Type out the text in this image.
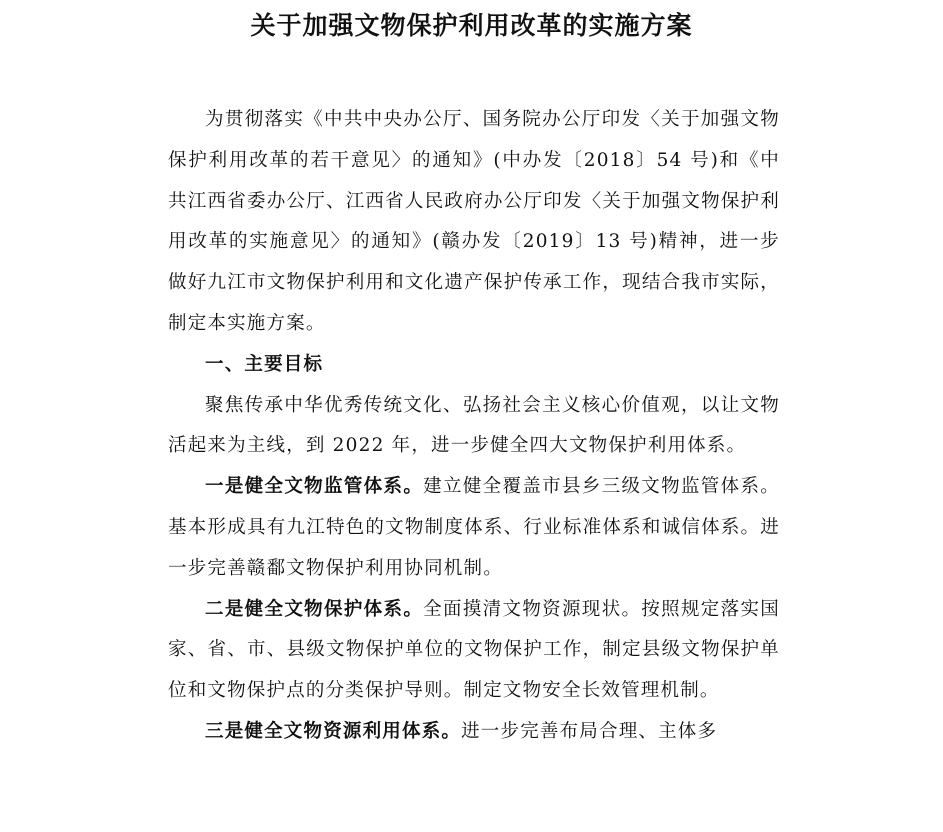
关于加强文物保护利用改革的实施方案

为贯彻落实《中共中央办公厅、国务院办公厅印发〈关于加强文物保护利用改革的若干意见〉的通知》(中办发〔2018〕54 号)和《中共江西省委办公厅、江西省人民政府办公厅印发〈关于加强文物保护利用改革的实施意见〉的通知》(赣办发〔2019〕13 号)精神，进一步做好九江市文物保护利用和文化遗产保护传承工作，现结合我市实际，制定本实施方案。

一、主要目标

聚焦传承中华优秀传统文化、弘扬社会主义核心价值观，以让文物活起来为主线，到 2022 年，进一步健全四大文物保护利用体系。

一是健全文物监管体系。建立健全覆盖市县乡三级文物监管体系。基本形成具有九江特色的文物制度体系、行业标准体系和诚信体系。进一步完善赣鄱文物保护利用协同机制。

二是健全文物保护体系。全面摸清文物资源现状。按照规定落实国家、省、市、县级文物保护单位的文物保护工作，制定县级文物保护单位和文物保护点的分类保护导则。制定文物安全长效管理机制。

三是健全文物资源利用体系。进一步完善布局合理、主体多
